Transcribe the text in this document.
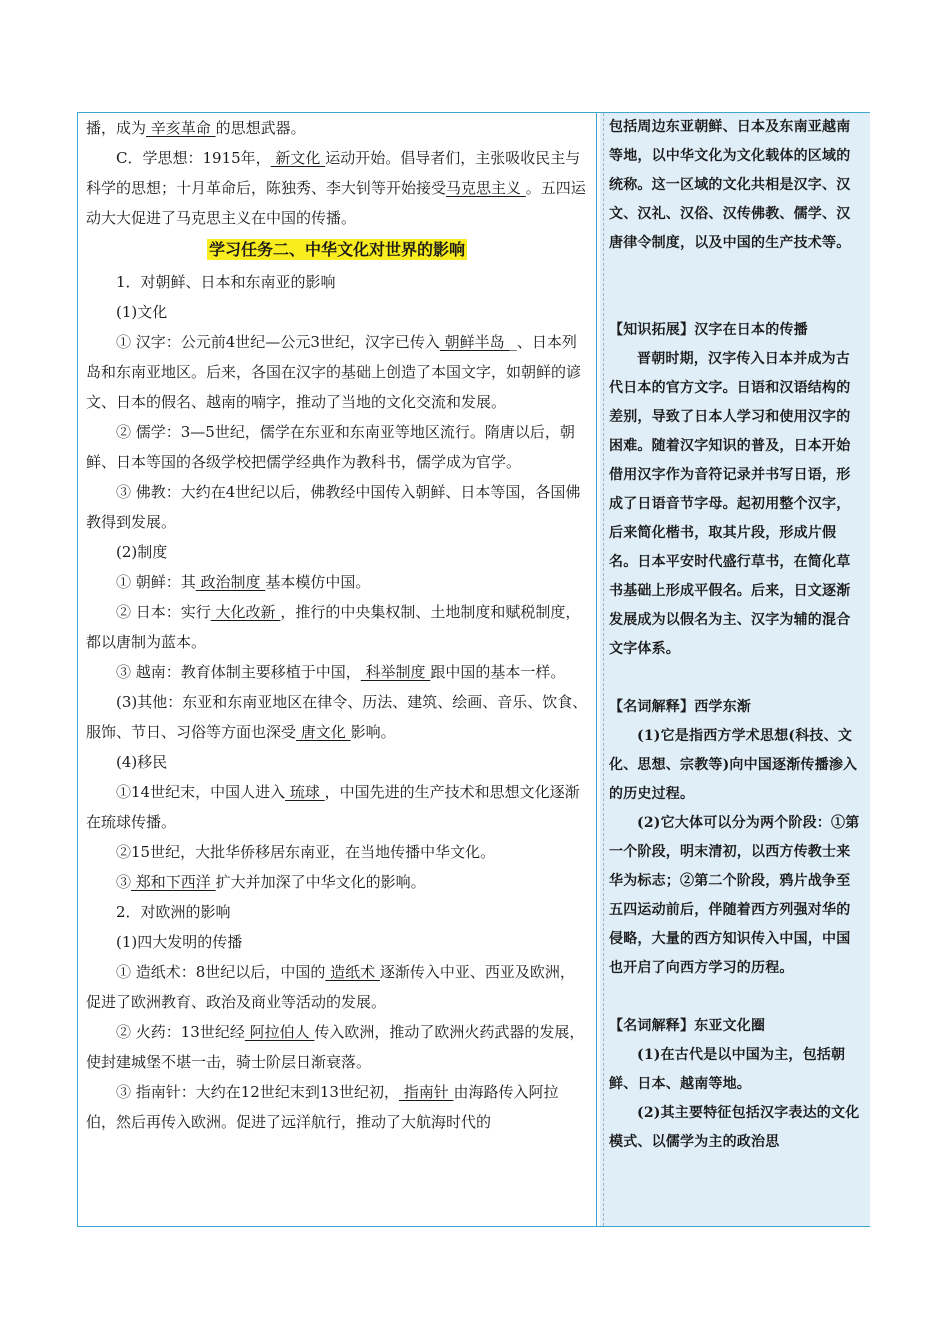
播，成为 辛亥革命 的思想武器。

C．学思想：1915年， 新文化 运动开始。倡导者们，主张吸收民主与科学的思想；十月革命后，陈独秀、李大钊等开始接受马克思主义 。五四运动大大促进了马克思主义在中国的传播。

学习任务二、中华文化对世界的影响

1．对朝鲜、日本和东南亚的影响

(1)文化

① 汉字：公元前4世纪—公元3世纪，汉字已传入 朝鲜半岛 _、日本列岛和东南亚地区。后来，各国在汉字的基础上创造了本国文字，如朝鲜的谚文、日本的假名、越南的喃字，推动了当地的文化交流和发展。

② 儒学：3—5世纪，儒学在东亚和东南亚等地区流行。隋唐以后，朝鲜、日本等国的各级学校把儒学经典作为教科书，儒学成为官学。

③ 佛教：大约在4世纪以后，佛教经中国传入朝鲜、日本等国，各国佛教得到发展。

(2)制度

① 朝鲜：其 政治制度 基本模仿中国。

② 日本：实行 大化改新 ，推行的中央集权制、土地制度和赋税制度，都以唐制为蓝本。

③ 越南：教育体制主要移植于中国， 科举制度 跟中国的基本一样。

(3)其他：东亚和东南亚地区在律令、历法、建筑、绘画、音乐、饮食、服饰、节日、习俗等方面也深受 唐文化 影响。

(4)移民

①14世纪末，中国人进入 琉球 ，中国先进的生产技术和思想文化逐渐在琉球传播。

②15世纪，大批华侨移居东南亚，在当地传播中华文化。

③ 郑和下西洋 扩大并加深了中华文化的影响。

2．对欧洲的影响

(1)四大发明的传播

① 造纸术：8世纪以后，中国的 造纸术 逐渐传入中亚、西亚及欧洲，促进了欧洲教育、政治及商业等活动的发展。

② 火药：13世纪经 阿拉伯人 传入欧洲，推动了欧洲火药武器的发展，使封建城堡不堪一击，骑士阶层日渐衰落。

③ 指南针：大约在12世纪末到13世纪初， 指南针 由海路传入阿拉伯，然后再传入欧洲。促进了远洋航行，推动了大航海时代的

包括周边东亚朝鲜、日本及东南亚越南等地，以中华文化为文化载体的区域的统称。这一区域的文化共相是汉字、汉文、汉礼、汉俗、汉传佛教、儒学、汉唐律令制度，以及中国的生产技术等。

【知识拓展】汉字在日本的传播

晋朝时期，汉字传入日本并成为古代日本的官方文字。日语和汉语结构的差别，导致了日本人学习和使用汉字的困难。随着汉字知识的普及，日本开始借用汉字作为音符记录并书写日语，形成了日语音节字母。起初用整个汉字，后来简化楷书，取其片段，形成片假名。日本平安时代盛行草书，在简化草书基础上形成平假名。后来，日文逐渐发展成为以假名为主、汉字为辅的混合文字体系。

【名词解释】西学东渐

(1)它是指西方学术思想(科技、文化、思想、宗教等)向中国逐渐传播渗入的历史过程。

(2)它大体可以分为两个阶段：①第一个阶段，明末清初，以西方传教士来华为标志；②第二个阶段，鸦片战争至五四运动前后，伴随着西方列强对华的侵略，大量的西方知识传入中国，中国也开启了向西方学习的历程。

【名词解释】东亚文化圈

(1)在古代是以中国为主，包括朝鲜、日本、越南等地。

(2)其主要特征包括汉字表达的文化模式、以儒学为主的政治思
